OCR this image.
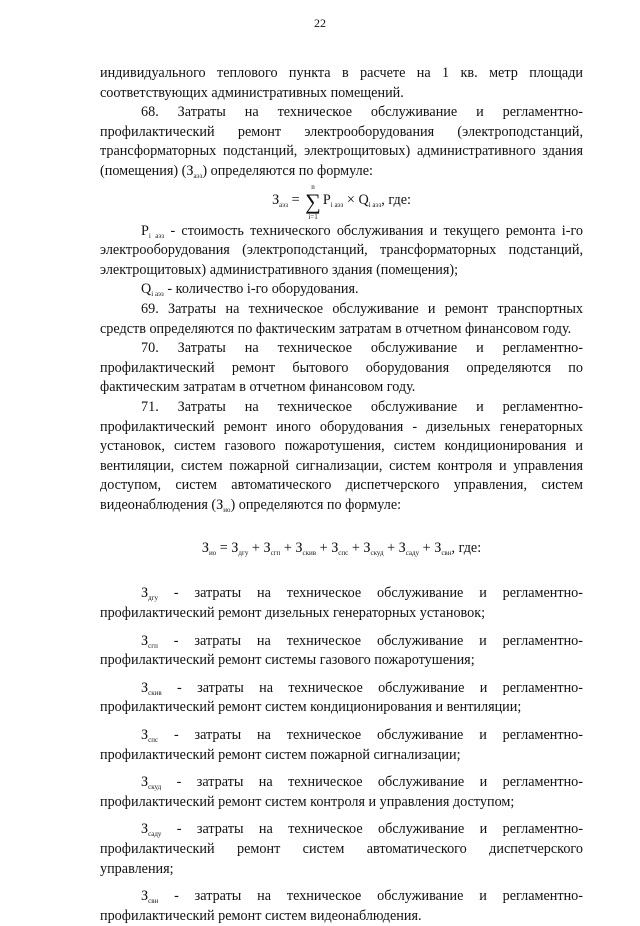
22

индивидуального теплового пункта в расчете на 1 кв. метр площади соответствующих административных помещений.

68. Затраты на техническое обслуживание и регламентно-профилактический ремонт электрооборудования (электроподстанций, трансформаторных подстанций, электрощитовых) административного здания (помещения) $(З_{аэз})$ определяются по формуле:

$З_{аэз}$ =
n
∑
i=1
$P_{i аэз} \times Q_{i аэз}$, где:

$P_{i аэз}$ - стоимость технического обслуживания и текущего ремонта i-го электрооборудования (электроподстанций, трансформаторных подстанций, электрощитовых) административного здания (помещения);

$Q_{i аэз}$ - количество i-го оборудования.

69. Затраты на техническое обслуживание и ремонт транспортных средств определяются по фактическим затратам в отчетном финансовом году.

70. Затраты на техническое обслуживание и регламентно-профилактический ремонт бытового оборудования определяются по фактическим затратам в отчетном финансовом году.

71. Затраты на техническое обслуживание и регламентно-профилактический ремонт иного оборудования - дизельных генераторных установок, систем газового пожаротушения, систем кондиционирования и вентиляции, систем пожарной сигнализации, систем контроля и управления доступом, систем автоматического диспетчерского управления, систем видеонаблюдения $(З_{ио})$ определяются по формуле:

$З_{ио} = З_{дгу} + З_{сгп} + З_{скив} + З_{спс} + З_{скуд} + З_{саду} + З_{свн}$, где:

$З_{дгу}$ - затраты на техническое обслуживание и регламентно-профилактический ремонт дизельных генераторных установок;

$З_{сгп}$ - затраты на техническое обслуживание и регламентно-профилактический ремонт системы газового пожаротушения;

$З_{скив}$ - затраты на техническое обслуживание и регламентно-профилактический ремонт систем кондиционирования и вентиляции;

$З_{спс}$ - затраты на техническое обслуживание и регламентно-профилактический ремонт систем пожарной сигнализации;

$З_{скуд}$ - затраты на техническое обслуживание и регламентно-профилактический ремонт систем контроля и управления доступом;

$З_{сaду}$ - затраты на техническое обслуживание и регламентно-профилактический ремонт систем автоматического диспетчерского управления;

$З_{свн}$ - затраты на техническое обслуживание и регламентно-профилактический ремонт систем видеонаблюдения.
